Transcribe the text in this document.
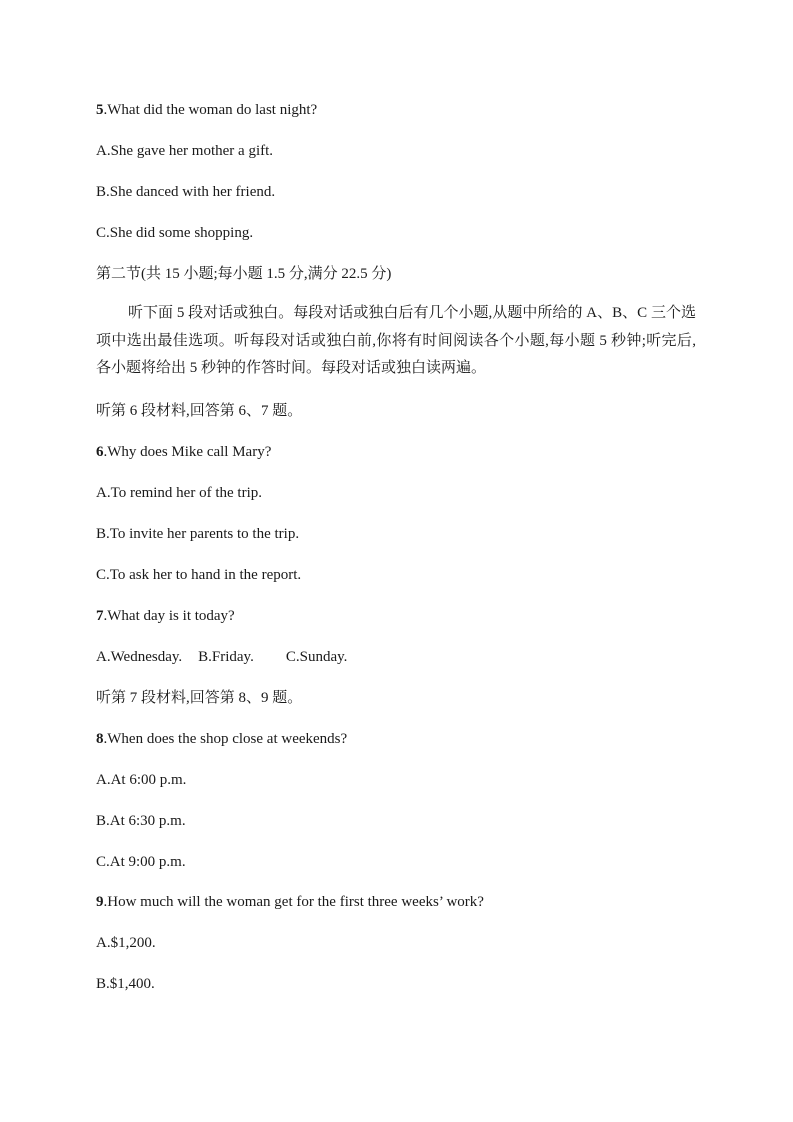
5.What did the woman do last night?
A.She gave her mother a gift.
B.She danced with her friend.
C.She did some shopping.
第二节(共 15 小题;每小题 1.5 分,满分 22.5 分)
听下面 5 段对话或独白。每段对话或独白后有几个小题,从题中所给的 A、B、C 三个选项中选出最佳选项。听每段对话或独白前,你将有时间阅读各个小题,每小题 5 秒钟;听完后,各小题将给出 5 秒钟的作答时间。每段对话或独白读两遍。
听第 6 段材料,回答第 6、7 题。
6.Why does Mike call Mary?
A.To remind her of the trip.
B.To invite her parents to the trip.
C.To ask her to hand in the report.
7.What day is it today?
A.Wednesday. B.Friday. C.Sunday.
听第 7 段材料,回答第 8、9 题。
8.When does the shop close at weekends?
A.At 6:00 p.m.
B.At 6:30 p.m.
C.At 9:00 p.m.
9.How much will the woman get for the first three weeks’ work?
A.$1,200.
B.$1,400.
